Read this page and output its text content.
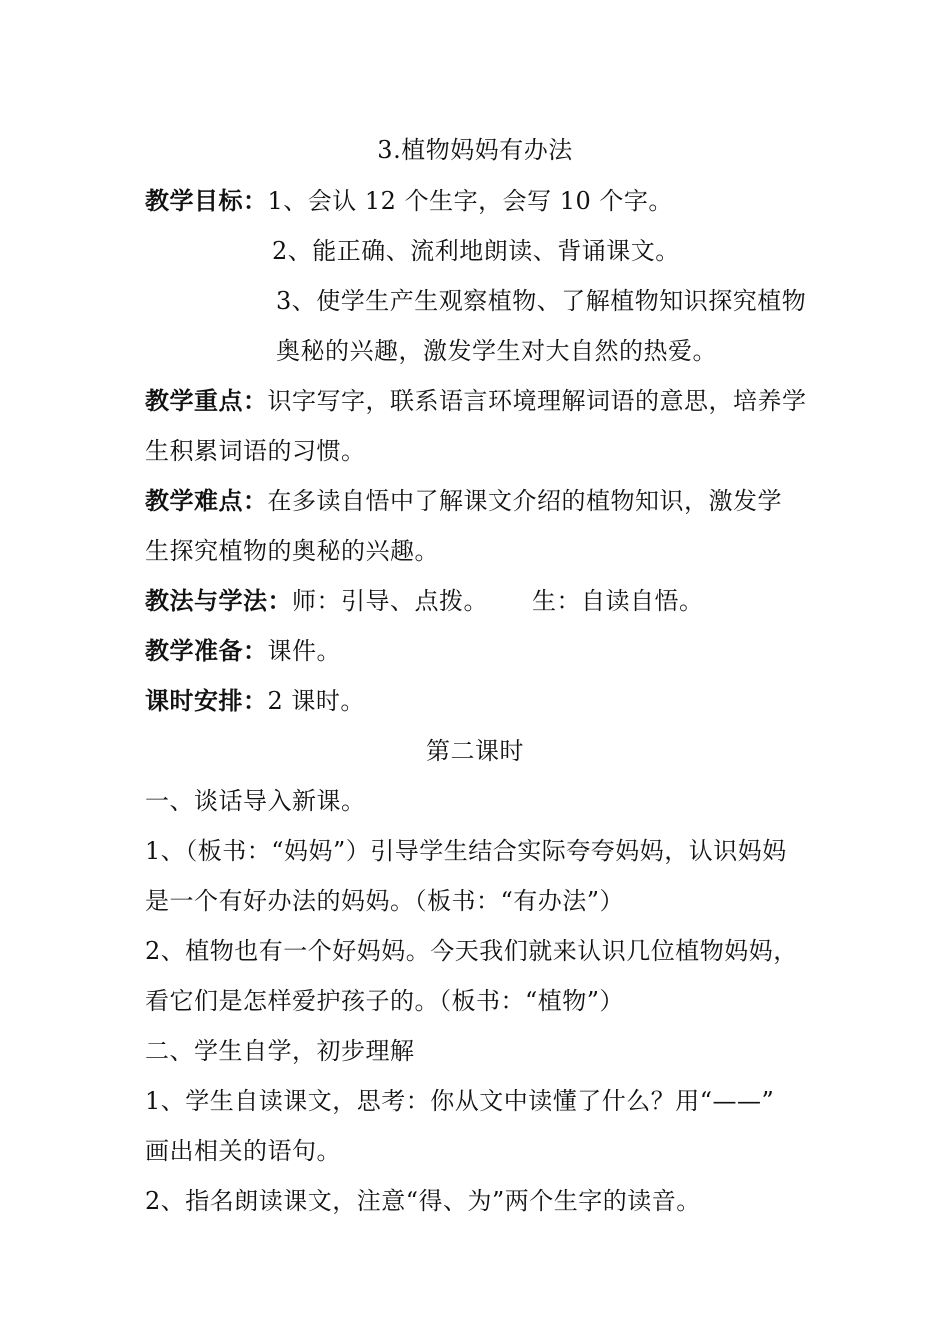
3.植物妈妈有办法
教学目标：1、会认 12 个生字，会写 10 个字。
2、能正确、流利地朗读、背诵课文。
3、使学生产生观察植物、了解植物知识探究植物
奥秘的兴趣，激发学生对大自然的热爱。
教学重点：识字写字，联系语言环境理解词语的意思，培养学
生积累词语的习惯。
教学难点：在多读自悟中了解课文介绍的植物知识，激发学
生探究植物的奥秘的兴趣。
教法与学法：师：引导、点拨。 生：自读自悟。
教学准备：课件。
课时安排：2 课时。
第二课时
一、谈话导入新课。
1、（板书：“妈妈”）引导学生结合实际夸夸妈妈，认识妈妈
是一个有好办法的妈妈。（板书：“有办法”）
2、植物也有一个好妈妈。今天我们就来认识几位植物妈妈，
看它们是怎样爱护孩子的。（板书：“植物”）
二、学生自学，初步理解
1、学生自读课文，思考：你从文中读懂了什么？用“——”
画出相关的语句。
2、指名朗读课文，注意“得、为”两个生字的读音。
